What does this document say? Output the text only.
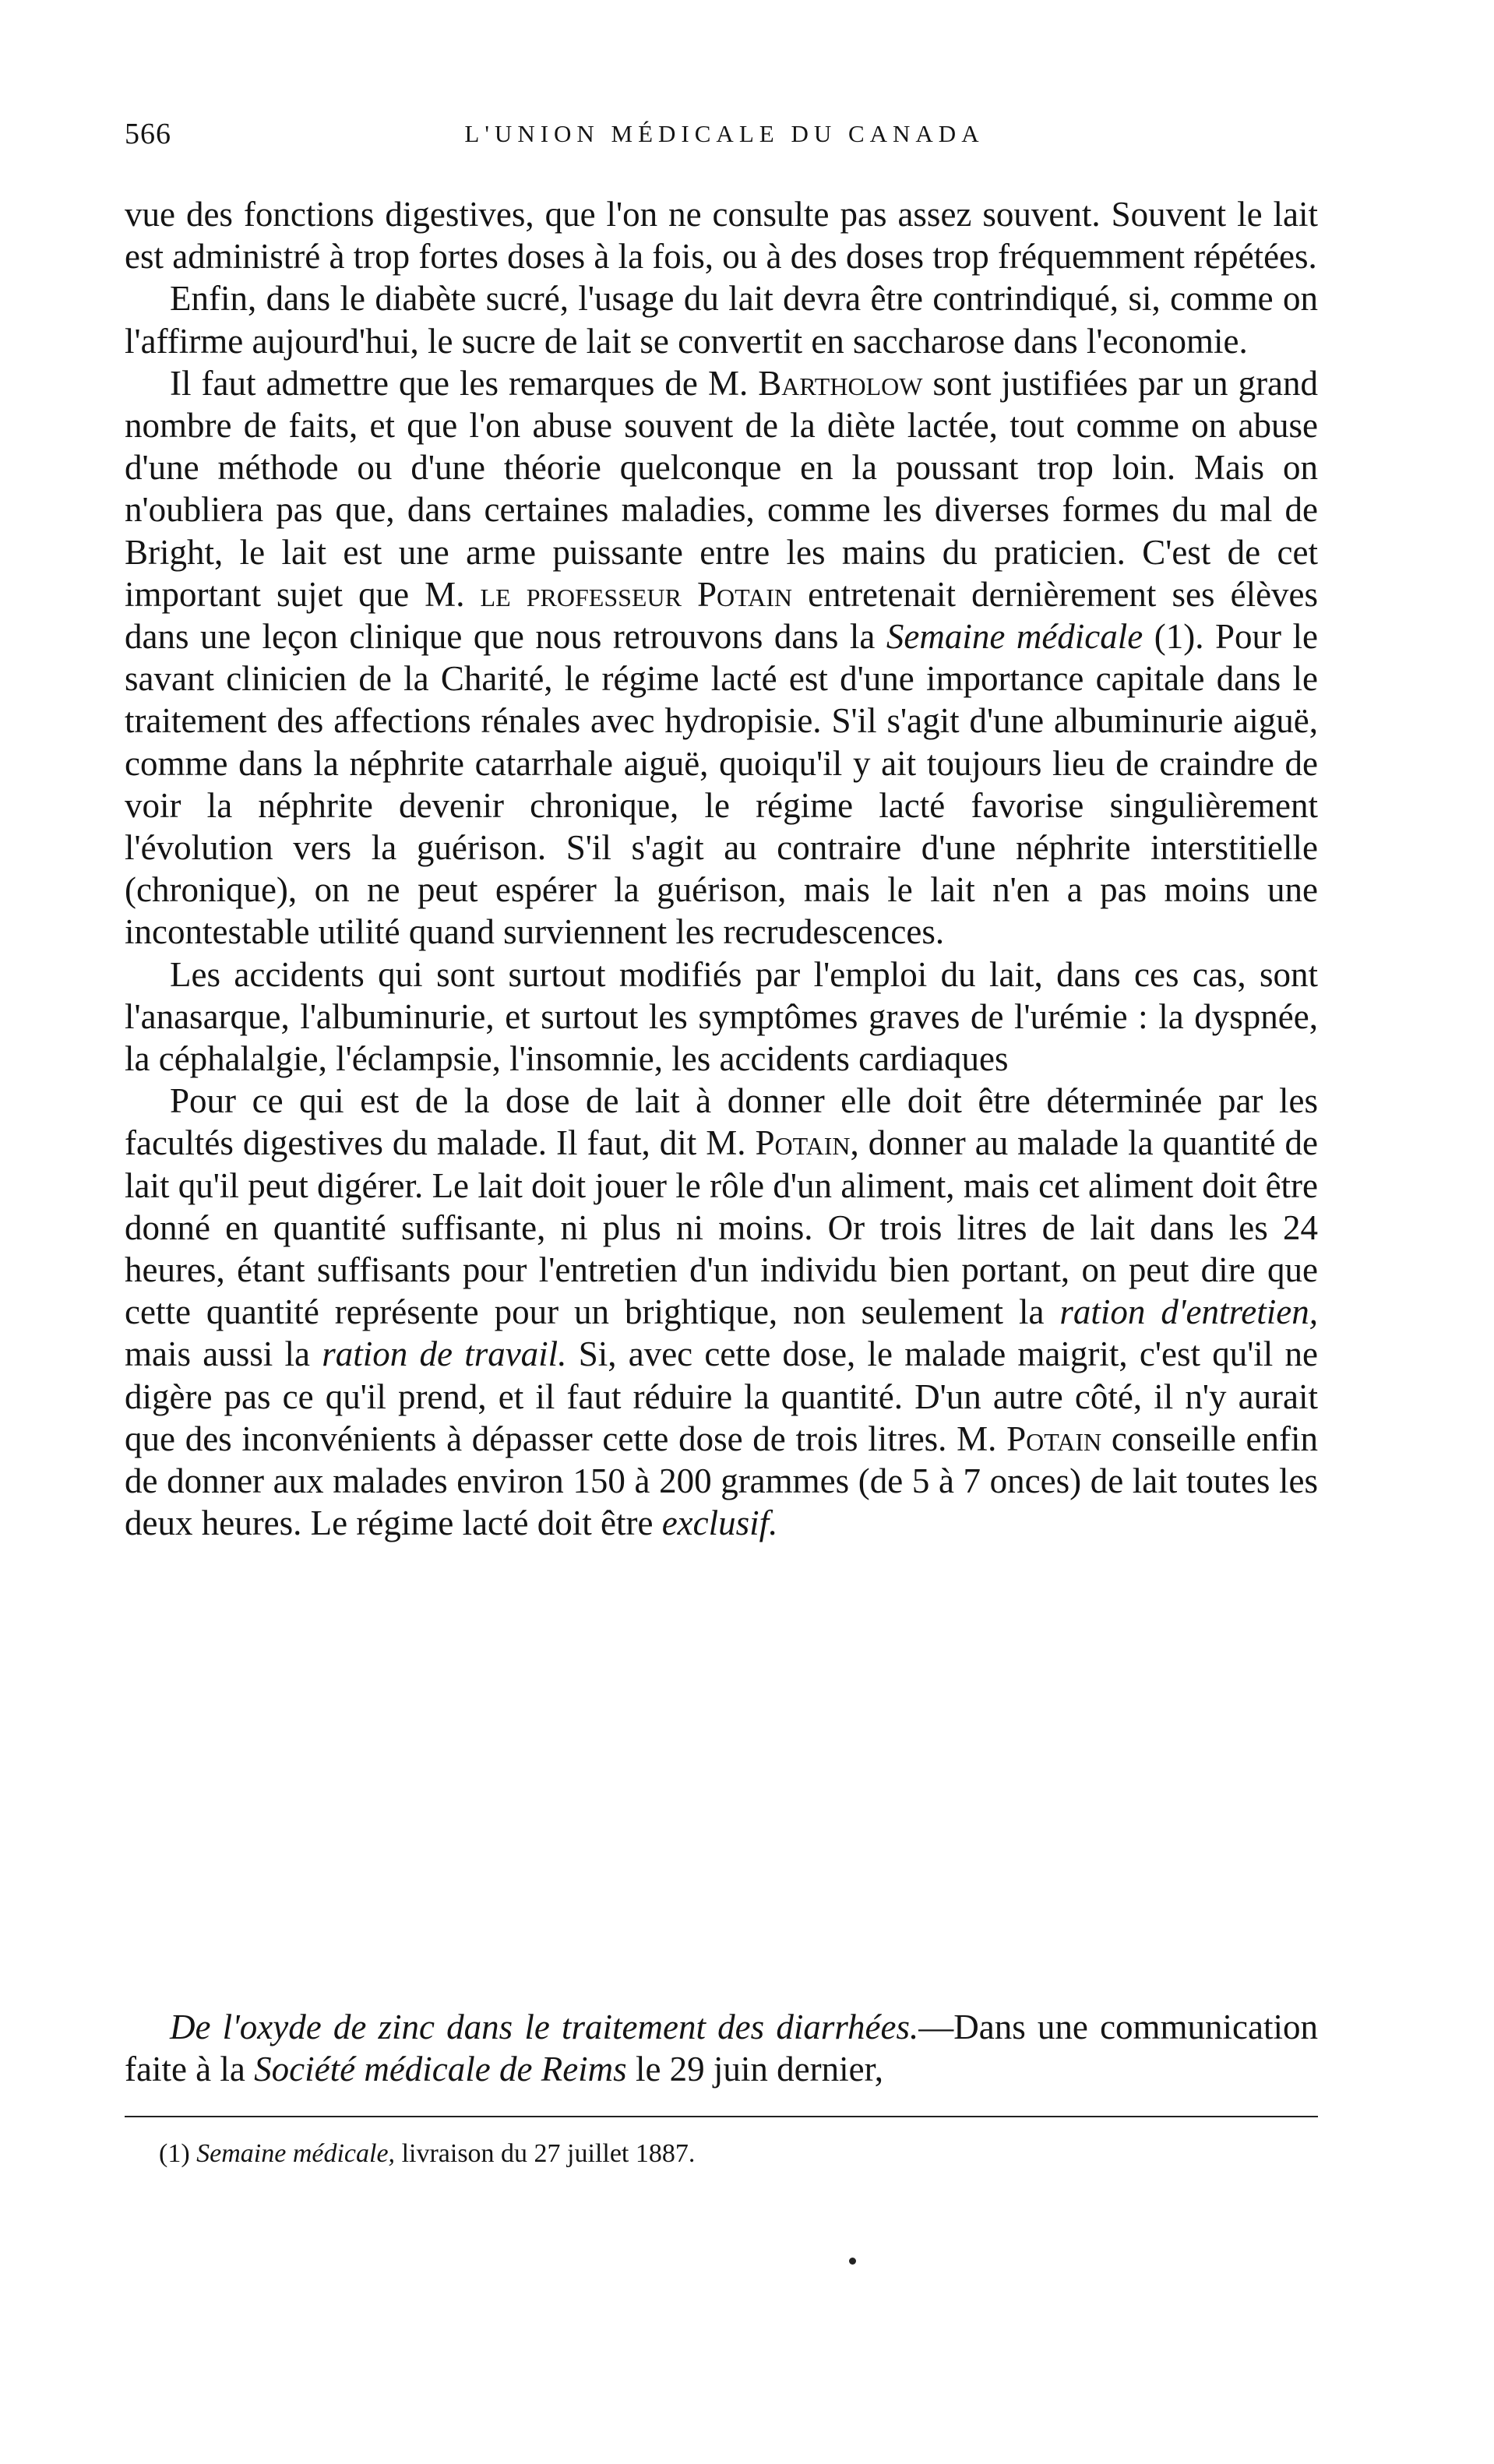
566	L'UNION MÉDICALE DU CANADA

vue des fonctions digestives, que l'on ne consulte pas assez souvent. Souvent le lait est administré à trop fortes doses à la fois, ou à des doses trop fréquemment répétées.

Enfin, dans le diabète sucré, l'usage du lait devra être contrindiqué, si, comme on l'affirme aujourd'hui, le sucre de lait se convertit en saccharose dans l'economie.

Il faut admettre que les remarques de M. Bartholow sont justifiées par un grand nombre de faits, et que l'on abuse souvent de la diète lactée, tout comme on abuse d'une méthode ou d'une théorie quelconque en la poussant trop loin. Mais on n'oubliera pas que, dans certaines maladies, comme les diverses formes du mal de Bright, le lait est une arme puissante entre les mains du praticien. C'est de cet important sujet que M. le professeur Potain entretenait dernièrement ses élèves dans une leçon clinique que nous retrouvons dans la Semaine médicale (1). Pour le savant clinicien de la Charité, le régime lacté est d'une importance capitale dans le traitement des affections rénales avec hydropisie. S'il s'agit d'une albuminurie aiguë, comme dans la néphrite catarrhale aiguë, quoiqu'il y ait toujours lieu de craindre de voir la néphrite devenir chronique, le régime lacté favorise singulièrement l'évolution vers la guérison. S'il s'agit au contraire d'une néphrite interstitielle (chronique), on ne peut espérer la guérison, mais le lait n'en a pas moins une incontestable utilité quand surviennent les recrudescences.

Les accidents qui sont surtout modifiés par l'emploi du lait, dans ces cas, sont l'anasarque, l'albuminurie, et surtout les symptômes graves de l'urémie : la dyspnée, la céphalalgie, l'éclampsie, l'insomnie, les accidents cardiaques

Pour ce qui est de la dose de lait à donner elle doit être déterminée par les facultés digestives du malade. Il faut, dit M. Potain, donner au malade la quantité de lait qu'il peut digérer. Le lait doit jouer le rôle d'un aliment, mais cet aliment doit être donné en quantité suffisante, ni plus ni moins. Or trois litres de lait dans les 24 heures, étant suffisants pour l'entretien d'un individu bien portant, on peut dire que cette quantité représente pour un brightique, non seulement la ration d'entretien, mais aussi la ration de travail. Si, avec cette dose, le malade maigrit, c'est qu'il ne digère pas ce qu'il prend, et il faut réduire la quantité. D'un autre côté, il n'y aurait que des inconvénients à dépasser cette dose de trois litres. M. Potain conseille enfin de donner aux malades environ 150 à 200 grammes (de 5 à 7 onces) de lait toutes les deux heures. Le régime lacté doit être exclusif.

De l'oxyde de zinc dans le traitement des diarrhées.—Dans une communication faite à la Société médicale de Reims le 29 juin dernier,

(1) Semaine médicale, livraison du 27 juillet 1887.
